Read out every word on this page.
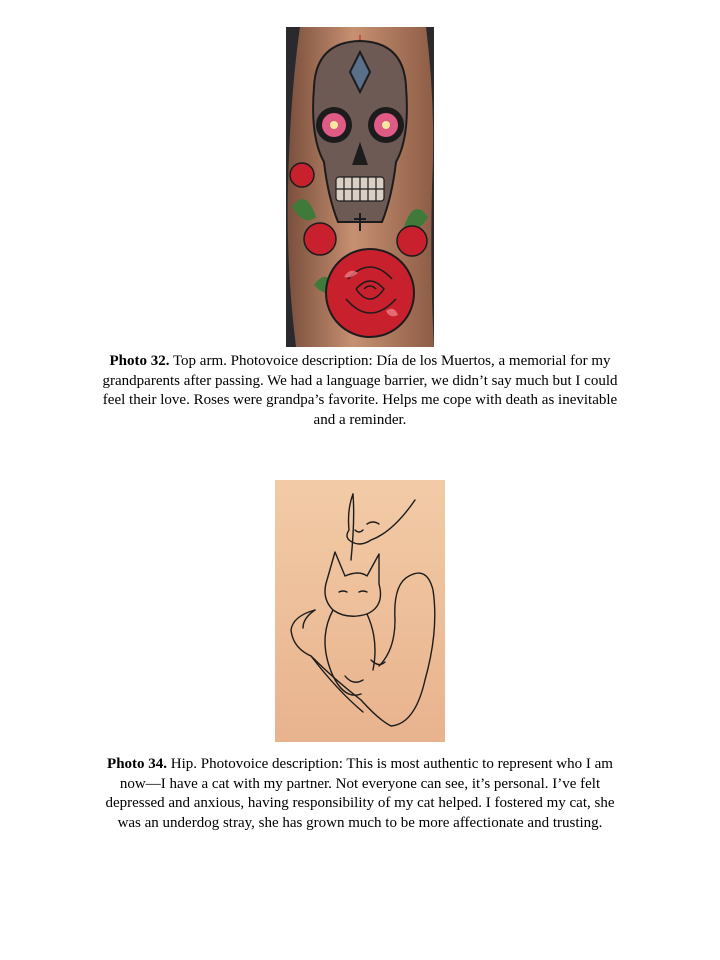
Photo 32. Top arm. Photovoice description: Día de los Muertos, a memorial for my grandparents after passing. We had a language barrier, we didn’t say much but I could feel their love. Roses were grandpa’s favorite. Helps me cope with death as inevitable and a reminder.
Photo 34. Hip. Photovoice description: This is most authentic to represent who I am now—I have a cat with my partner. Not everyone can see, it’s personal. I’ve felt depressed and anxious, having responsibility of my cat helped. I fostered my cat, she was an underdog stray, she has grown much to be more affectionate and trusting.
